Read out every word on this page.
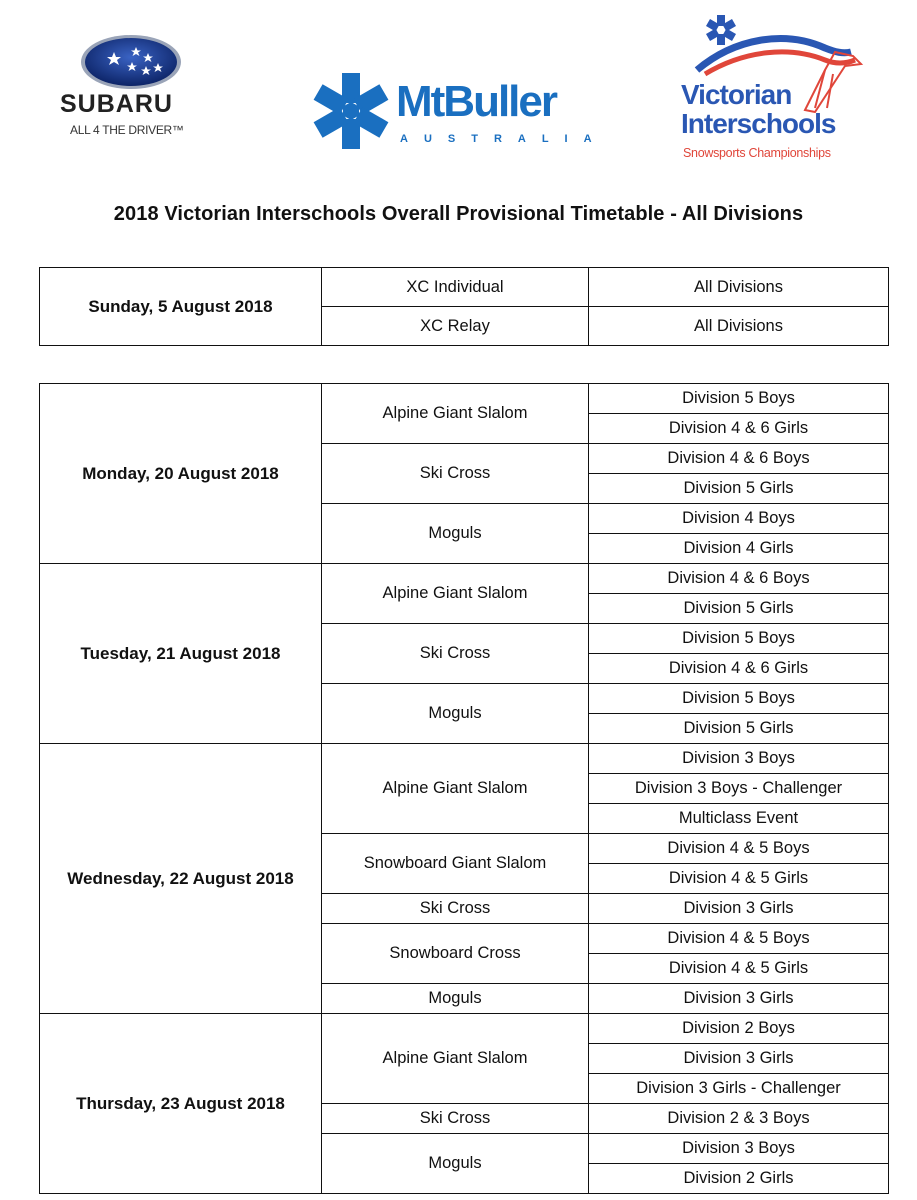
SUBARU
ALL 4 THE DRIVER™
MtBuller
AUSTRALIA
Victorian
Interschools
Snowsports Championships
2018 Victorian Interschools Overall Provisional Timetable - All Divisions
Sunday, 5 August 2018	XC Individual	All Divisions
	XC Relay	All Divisions
Monday, 20 August 2018	Alpine Giant Slalom	Division 5 Boys
		Division 4 & 6 Girls
	Ski Cross	Division 4 & 6 Boys
		Division 5 Girls
	Moguls	Division 4 Boys
		Division 4 Girls
Tuesday, 21 August 2018	Alpine Giant Slalom	Division 4 & 6 Boys
		Division 5 Girls
	Ski Cross	Division 5 Boys
		Division 4 & 6 Girls
	Moguls	Division 5 Boys
		Division 5 Girls
Wednesday, 22 August 2018	Alpine Giant Slalom	Division 3 Boys
		Division 3 Boys - Challenger
		Multiclass Event
	Snowboard Giant Slalom	Division 4 & 5 Boys
		Division 4 & 5 Girls
	Ski Cross	Division 3 Girls
	Snowboard Cross	Division 4 & 5 Boys
		Division 4 & 5 Girls
	Moguls	Division 3 Girls
Thursday, 23 August 2018	Alpine Giant Slalom	Division 2 Boys
		Division 3 Girls
		Division 3 Girls - Challenger
	Ski Cross	Division 2 & 3 Boys
	Moguls	Division 3 Boys
		Division 2 Girls
